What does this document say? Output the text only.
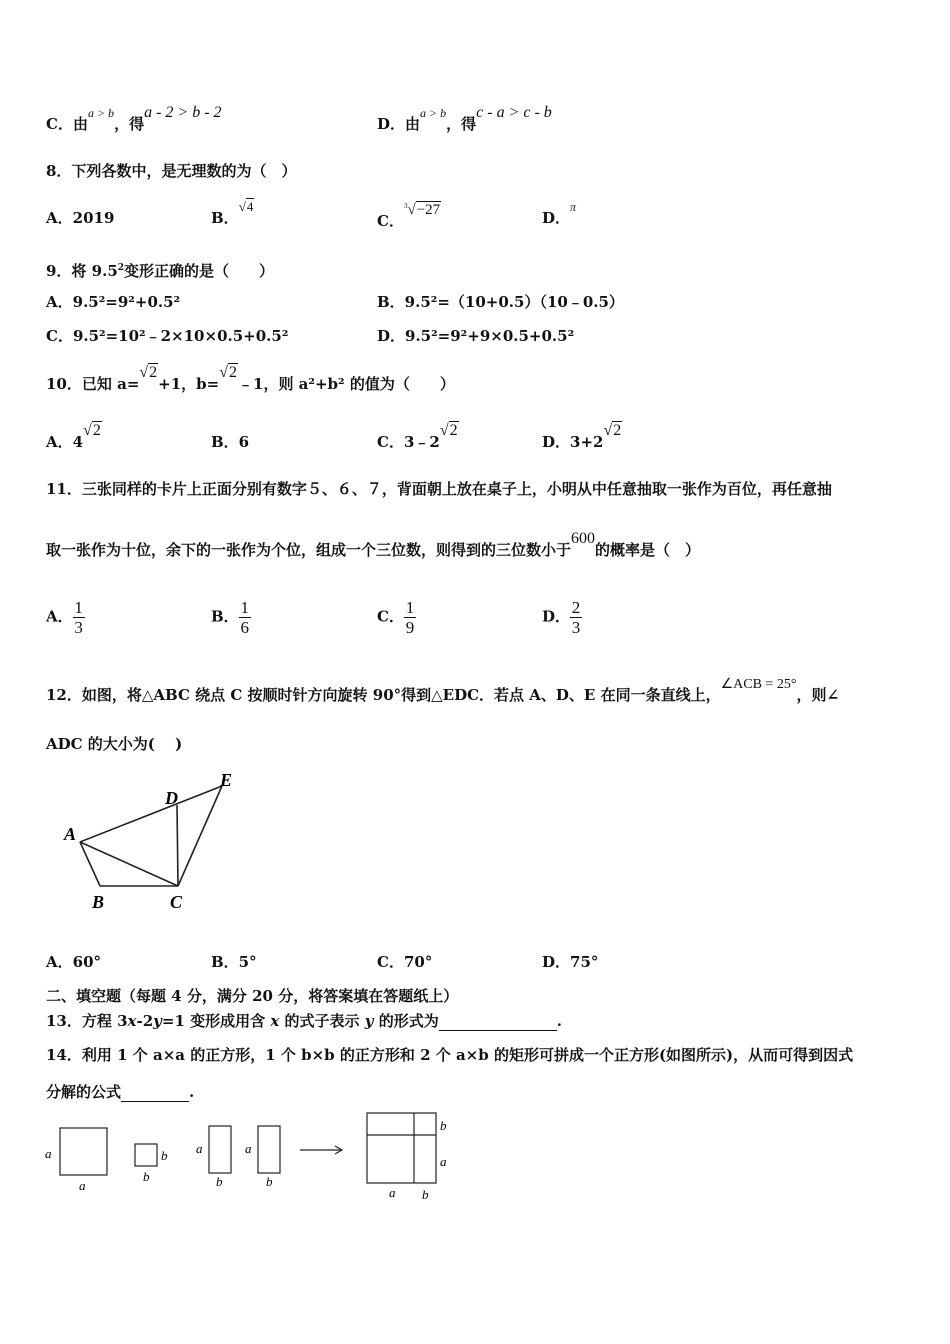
C．由$^{a > b}$，得a - 2 > b - 2
D．由$^{a > b}$，得c - a > c - b
8．下列各数中，是无理数的为（　）
A．2019	B．√4
C．$^3$√−27	D．$^\pi$
9．将 $9.5^2$变形正确的是（　　）
A．9.5²=9²+0.5²	B．9.5²=（10+0.5）（10﹣0.5）
C．9.5²=10²﹣2×10×0.5+0.5²	D．9.5²=9²+9×0.5+0.5²
10．已知 a=√2+1，b=√2﹣1，则 a²+b² 的值为（　　）
A．4√2
B．6	C．3﹣2√2
D．3+2√2
11．三张同样的卡片上正面分别有数字５、６、７，背面朝上放在桌子上，小明从中任意抽取一张作为百位，再任意抽
取一张作为十位，余下的一张作为个位，组成一个三位数，则得到的三位数小于600的概率是（　）
A． $\frac{1}{3}$	B． $\frac{1}{6}$	C． $\frac{1}{9}$	D． $\frac{2}{3}$
12．如图，将△ABC 绕点 C 按顺时针方向旋转 90°得到△EDC．若点 A、D、E 在同一条直线上，∠ACB = 25°，则∠
ADC 的大小为(　 )
A
B	C
D
E
A．60°	B．5°	C．70°	D．75°
二、填空题（每题 4 分，满分 20 分，将答案填在答题纸上）
13．方程 3x-2y=1 变形成用含 x 的式子表示 y 的形式为	.
14．利用 1 个 a×a 的正方形，1 个 b×b 的正方形和 2 个 a×b 的矩形可拼成一个正方形(如图所示)，从而可得到因式
分解的公式	.
a
a
b
b
a
b
a
b
b
a
a b
